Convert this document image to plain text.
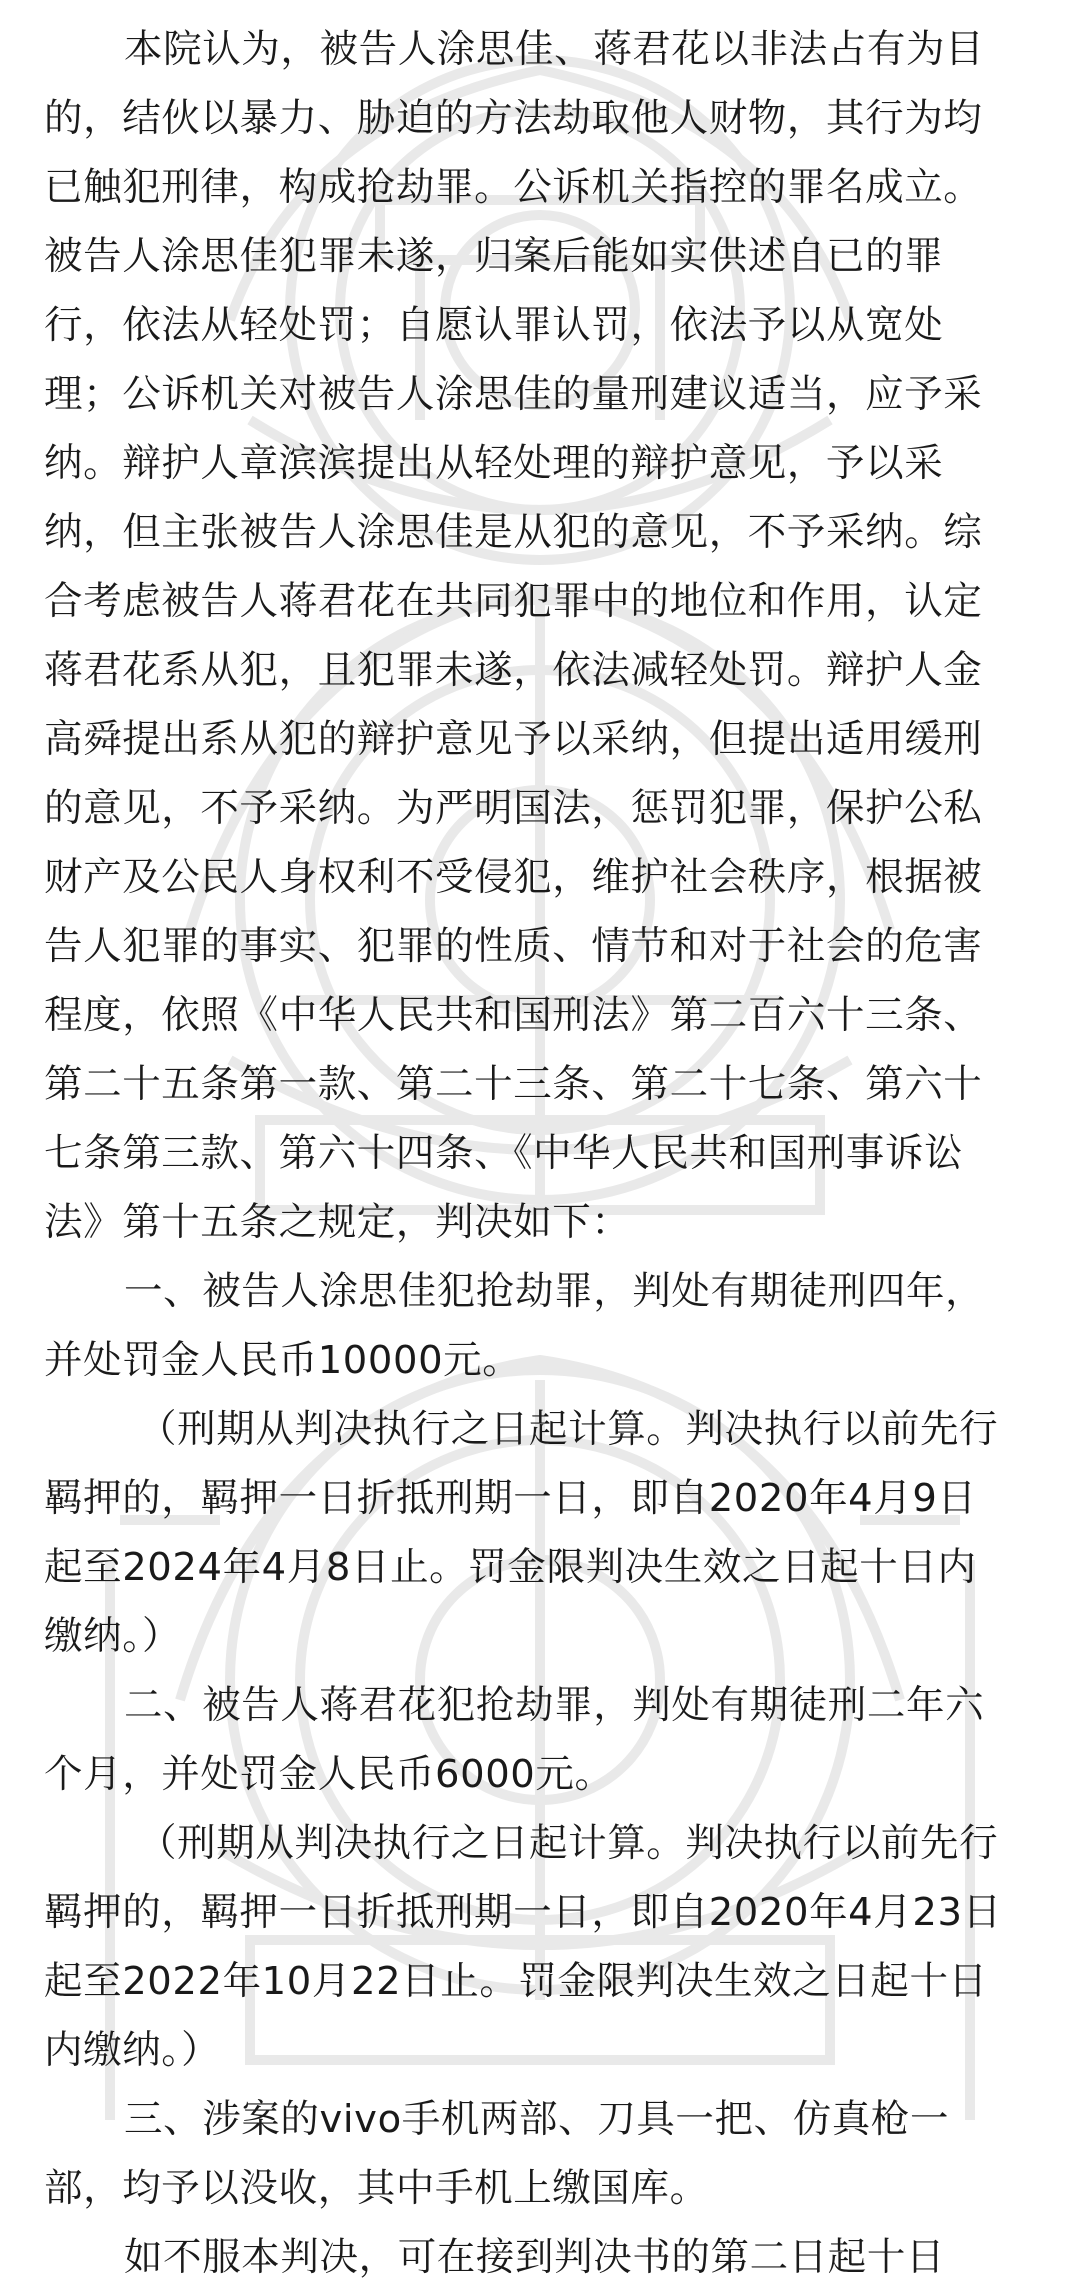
本院认为，被告人涂思佳、蒋君花以非法占有为目
的，结伙以暴力、胁迫的方法劫取他人财物，其行为均
已触犯刑律，构成抢劫罪。公诉机关指控的罪名成立。
被告人涂思佳犯罪未遂，归案后能如实供述自已的罪
行，依法从轻处罚；自愿认罪认罚，依法予以从宽处
理；公诉机关对被告人涂思佳的量刑建议适当，应予采
纳。辩护人章滨滨提出从轻处理的辩护意见，予以采
纳，但主张被告人涂思佳是从犯的意见，不予采纳。综
合考虑被告人蒋君花在共同犯罪中的地位和作用，认定
蒋君花系从犯，且犯罪未遂，依法减轻处罚。辩护人金
高舜提出系从犯的辩护意见予以采纳，但提出适用缓刑
的意见，不予采纳。为严明国法，惩罚犯罪，保护公私
财产及公民人身权利不受侵犯，维护社会秩序，根据被
告人犯罪的事实、犯罪的性质、情节和对于社会的危害
程度，依照《中华人民共和国刑法》第二百六十三条、
第二十五条第一款、第二十三条、第二十七条、第六十
七条第三款、第六十四条、《中华人民共和国刑事诉讼
法》第十五条之规定，判决如下：
一、被告人涂思佳犯抢劫罪，判处有期徒刑四年，
并处罚金人民币10000元。
（刑期从判决执行之日起计算。判决执行以前先行
羁押的，羁押一日折抵刑期一日，即自2020年4月9日
起至2024年4月8日止。罚金限判决生效之日起十日内
缴纳。）
二、被告人蒋君花犯抢劫罪，判处有期徒刑二年六
个月，并处罚金人民币6000元。
（刑期从判决执行之日起计算。判决执行以前先行
羁押的，羁押一日折抵刑期一日，即自2020年4月23日
起至2022年10月22日止。罚金限判决生效之日起十日
内缴纳。）
三、涉案的vivo手机两部、刀具一把、仿真枪一
部，均予以没收，其中手机上缴国库。
如不服本判决，可在接到判决书的第二日起十日
